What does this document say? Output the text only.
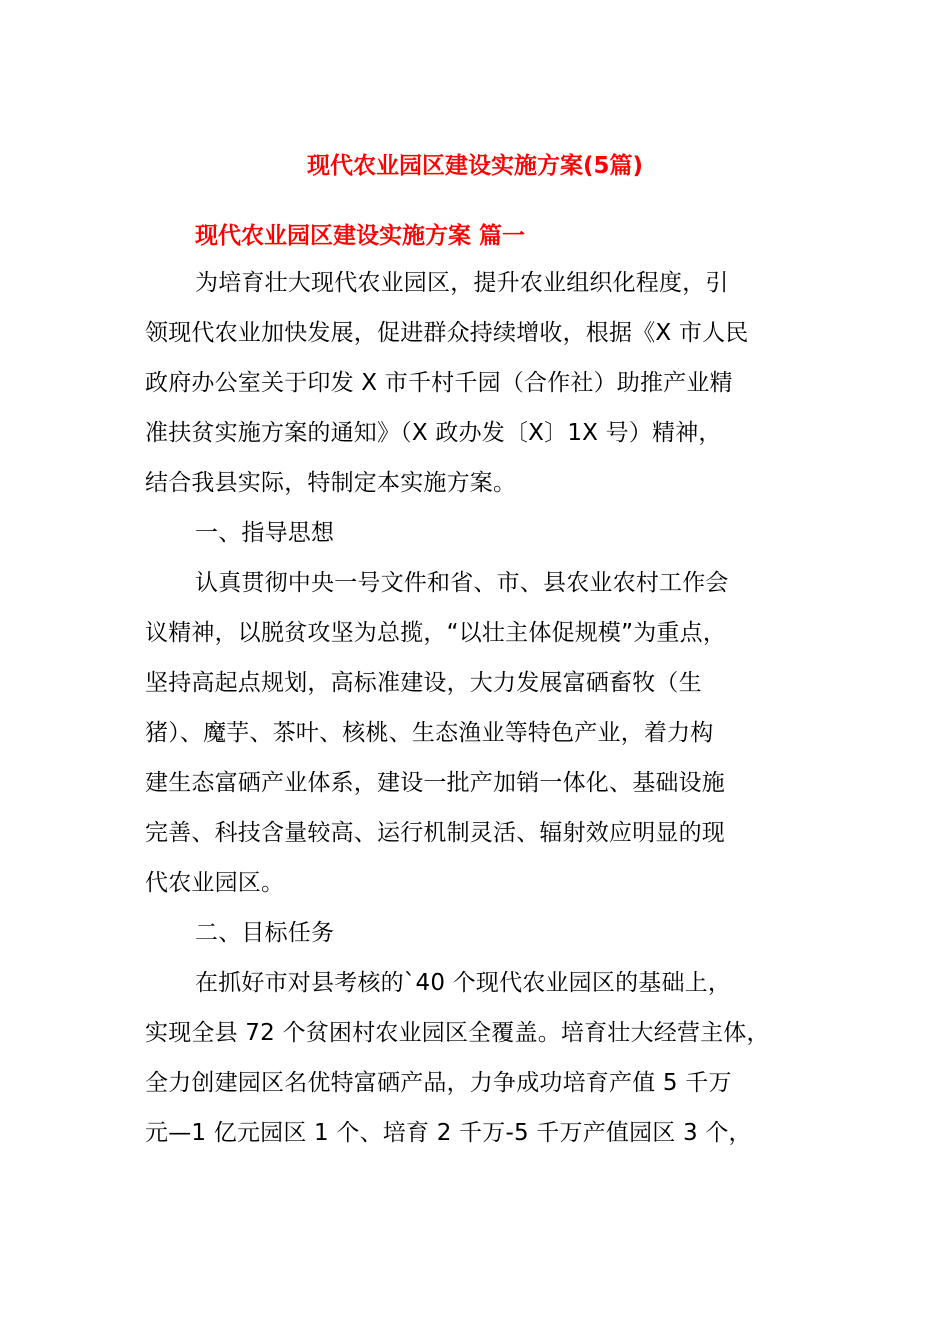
现代农业园区建设实施方案(5篇)
现代农业园区建设实施方案 篇一

为培育壮大现代农业园区，提升农业组织化程度，引
领现代农业加快发展，促进群众持续增收，根据《X 市人民
政府办公室关于印发 X 市千村千园（合作社）助推产业精
准扶贫实施方案的通知》（X 政办发〔X〕1X 号）精神，
结合我县实际，特制定本实施方案。

一、指导思想

认真贯彻中央一号文件和省、市、县农业农村工作会
议精神，以脱贫攻坚为总揽，“以壮主体促规模”为重点，
坚持高起点规划，高标准建设，大力发展富硒畜牧（生
猪）、魔芋、茶叶、核桃、生态渔业等特色产业，着力构
建生态富硒产业体系，建设一批产加销一体化、基础设施
完善、科技含量较高、运行机制灵活、辐射效应明显的现
代农业园区。

二、目标任务

在抓好市对县考核的`40 个现代农业园区的基础上，
实现全县 72 个贫困村农业园区全覆盖。培育壮大经营主体，
全力创建园区名优特富硒产品，力争成功培育产值 5 千万
元—1 亿元园区 1 个、培育 2 千万-5 千万产值园区 3 个，
